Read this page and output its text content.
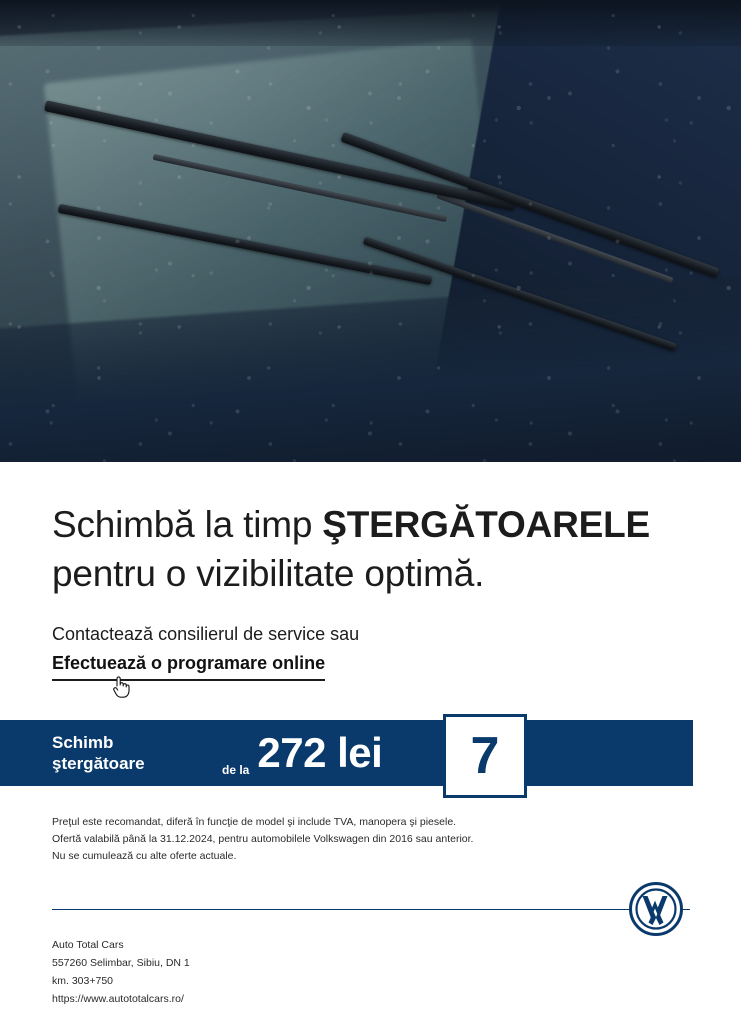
Schimbă la timp ŞTERGĂTOARELE
pentru o vizibilitate optimă.

Contactează consilierul de service sau

Efectuează o programare online
Schimb
ştergătoare	de la 272 lei 7 +
Preţul este recomandat, diferă în funcţie de model şi include TVA, manopera şi piesele.
Ofertă valabilă până la 31.12.2024, pentru automobilele Volkswagen din 2016 sau anterior.
Nu se cumulează cu alte oferte actuale.
Auto Total Cars
557260 Selimbar, Sibiu, DN 1
km. 303+750
https://www.autototalcars.ro/
